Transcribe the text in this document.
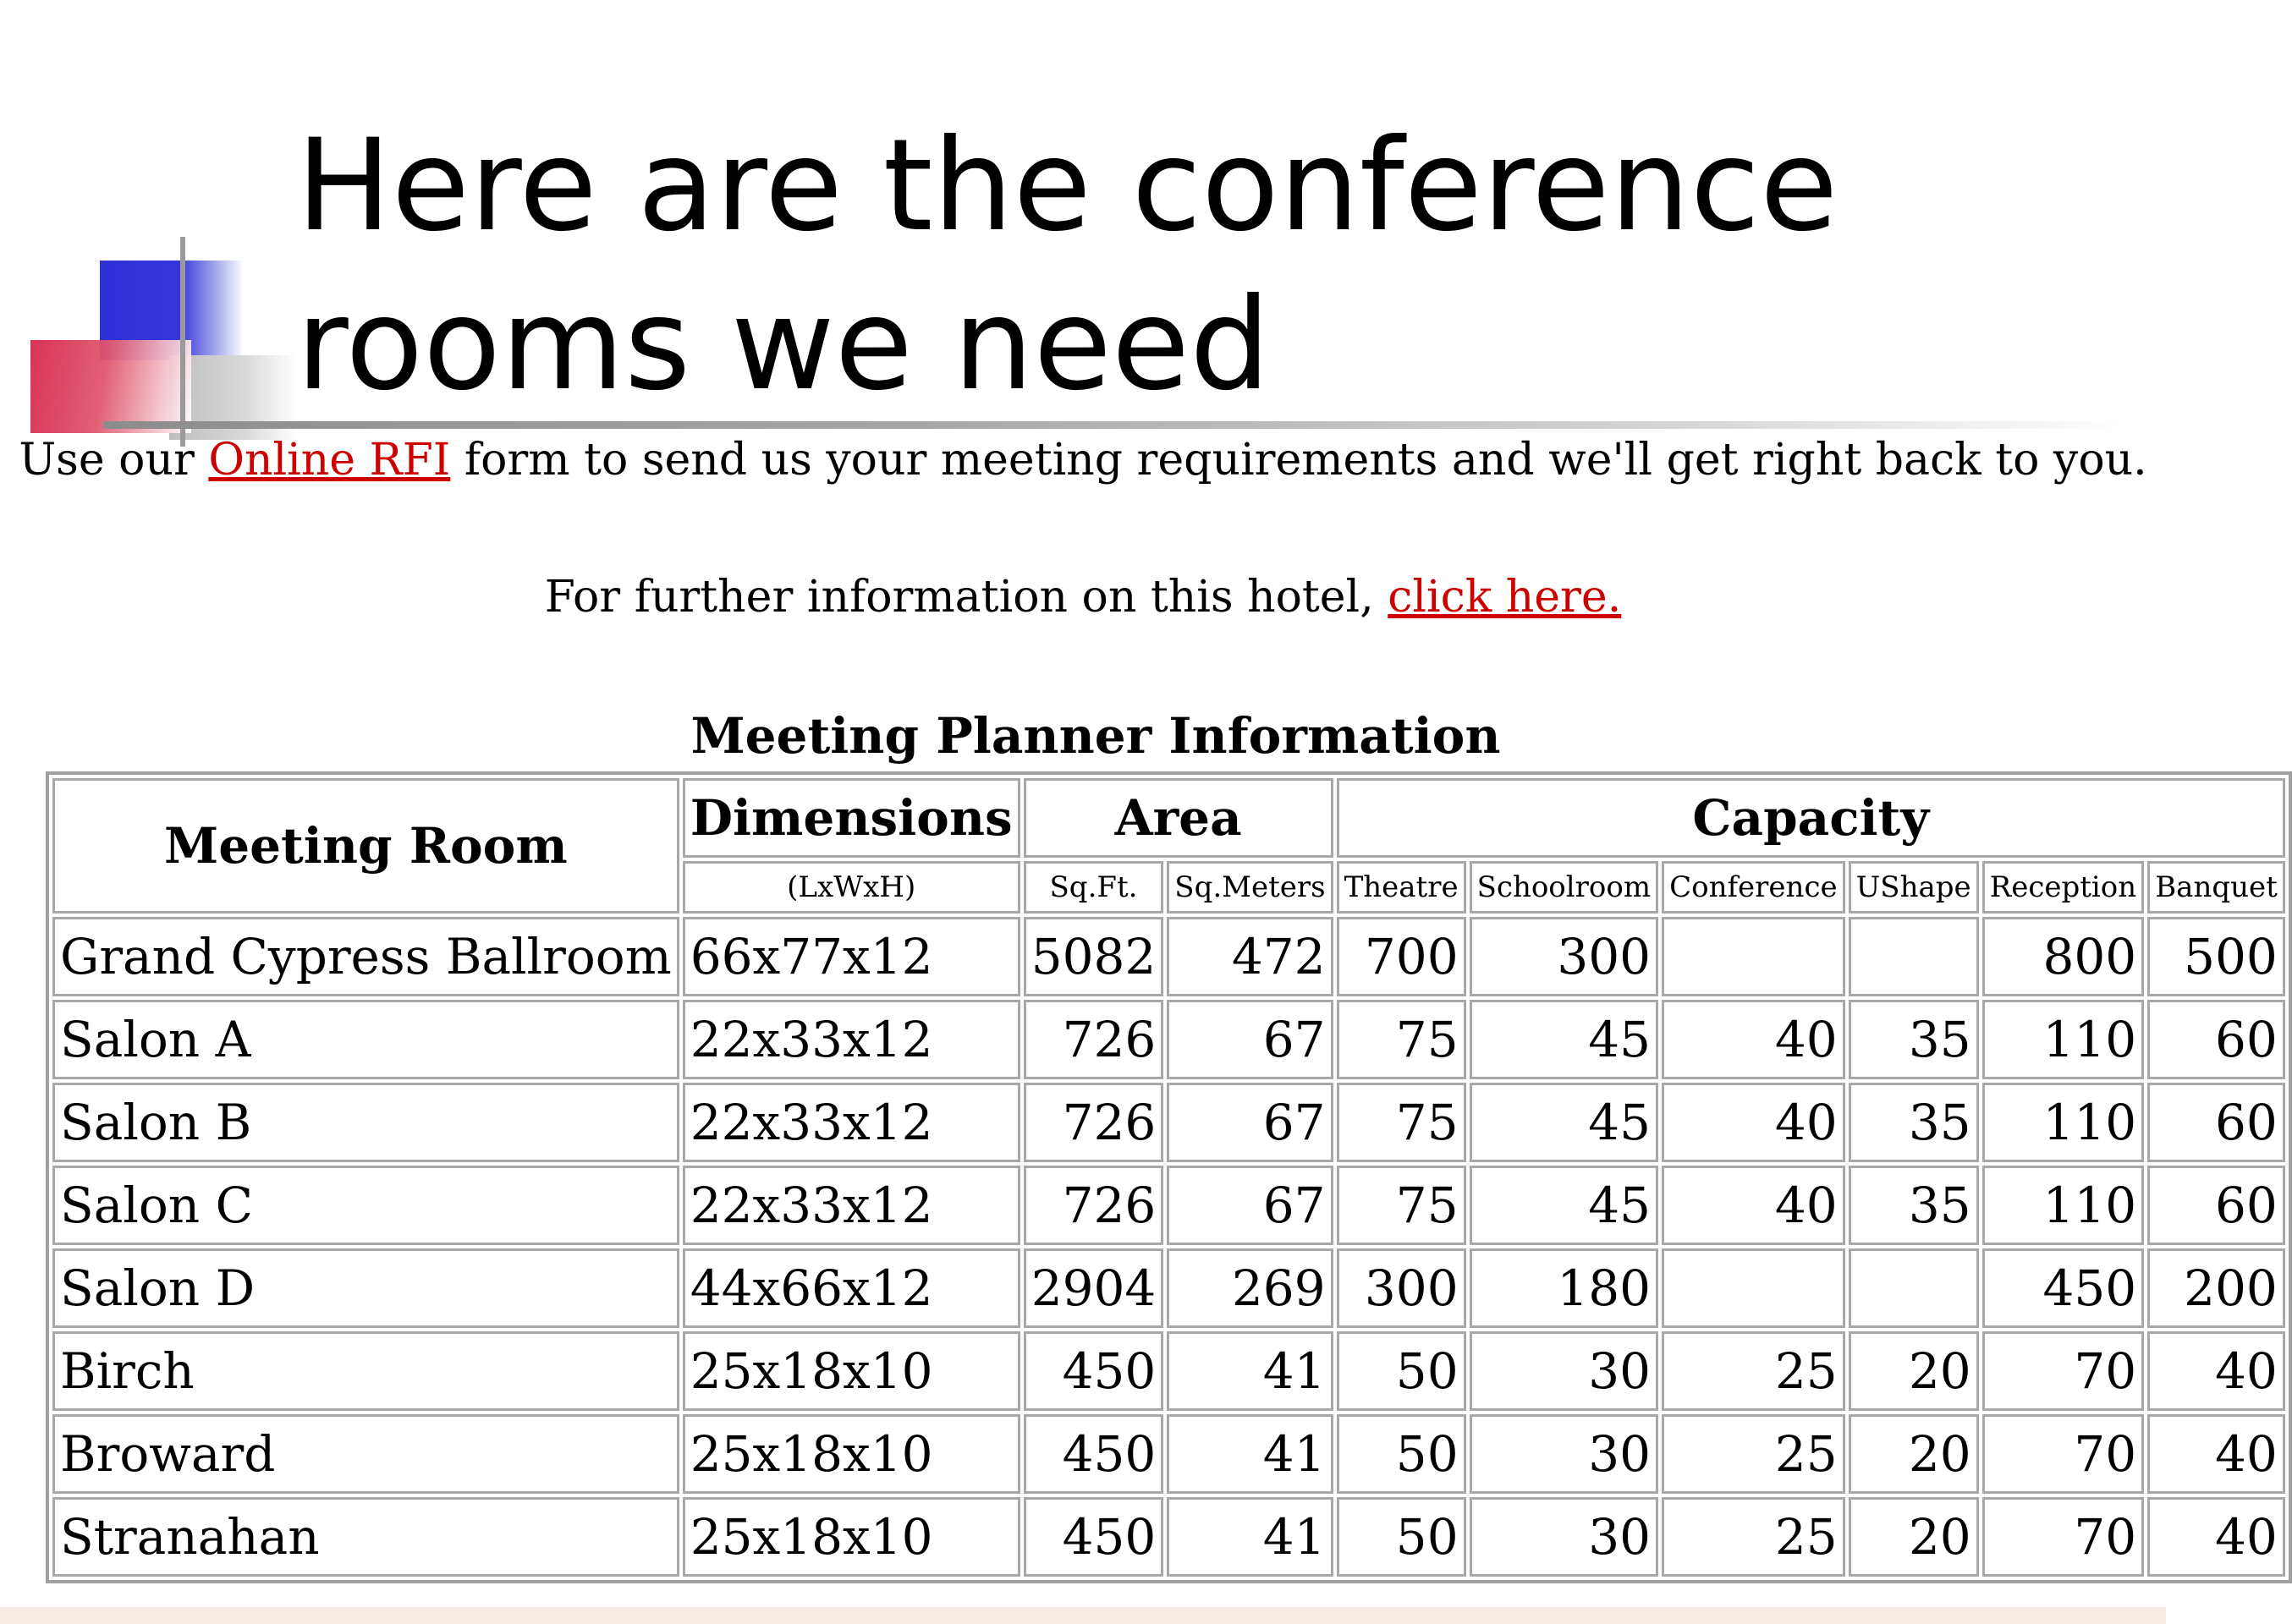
Here are the conference
rooms we need

Use our Online RFI form to send us your meeting requirements and we'll get right back to you.

For further information on this hotel, click here.

Meeting Planner Information
Meeting Room	Dimensions	Area		Capacity					
	(LxWxH)	Sq.Ft.	Sq.Meters	Theatre	Schoolroom	Conference	UShape	Reception	Banquet
Grand Cypress Ballroom	66x77x12	5082	472	700	300			800	500
Salon A	22x33x12	726	67	75	45	40	35	110	60
Salon B	22x33x12	726	67	75	45	40	35	110	60
Salon C	22x33x12	726	67	75	45	40	35	110	60
Salon D	44x66x12	2904	269	300	180			450	200
Birch	25x18x10	450	41	50	30	25	20	70	40
Broward	25x18x10	450	41	50	30	25	20	70	40
Stranahan	25x18x10	450	41	50	30	25	20	70	40
